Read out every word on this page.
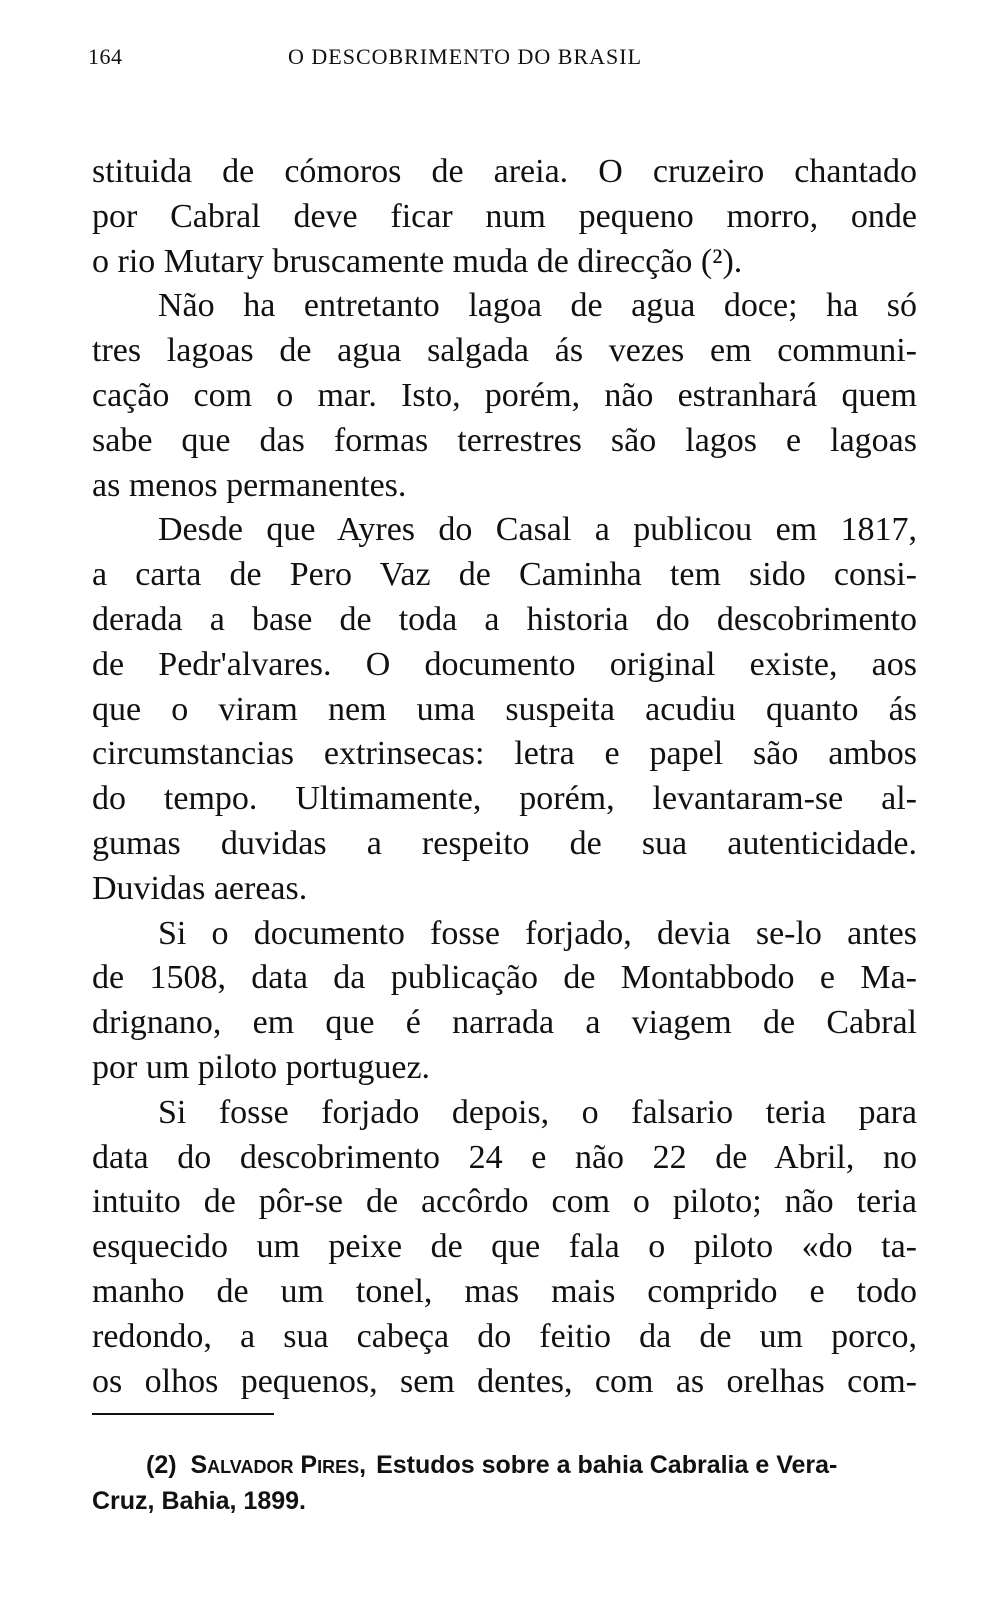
164	O DESCOBRIMENTO DO BRASIL
stituida de cómoros de areia. O cruzeiro chantado
por Cabral deve ficar num pequeno morro, onde
o rio Mutary bruscamente muda de direcção (²).
Não ha entretanto lagoa de agua doce; ha só
tres lagoas de agua salgada ás vezes em communi-
cação com o mar. Isto, porém, não estranhará quem
sabe que das formas terrestres são lagos e lagoas
as menos permanentes.
Desde que Ayres do Casal a publicou em 1817,
a carta de Pero Vaz de Caminha tem sido consi-
derada a base de toda a historia do descobrimento
de Pedr'alvares. O documento original existe, aos
que o viram nem uma suspeita acudiu quanto ás
circumstancias extrinsecas: letra e papel são ambos
do tempo. Ultimamente, porém, levantaram-se al-
gumas duvidas a respeito de sua autenticidade.
Duvidas aereas.
Si o documento fosse forjado, devia se-lo antes
de 1508, data da publicação de Montabbodo e Ma-
drignano, em que é narrada a viagem de Cabral
por um piloto portuguez.
Si fosse forjado depois, o falsario teria para
data do descobrimento 24 e não 22 de Abril, no
intuito de pôr-se de accôrdo com o piloto; não teria
esquecido um peixe de que fala o piloto «do ta-
manho de um tonel, mas mais comprido e todo
redondo, a sua cabeça do feitio da de um porco,
os olhos pequenos, sem dentes, com as orelhas com-
(2) Salvador Pires, Estudos sobre a bahia Cabralia e Vera-
Cruz, Bahia, 1899.
